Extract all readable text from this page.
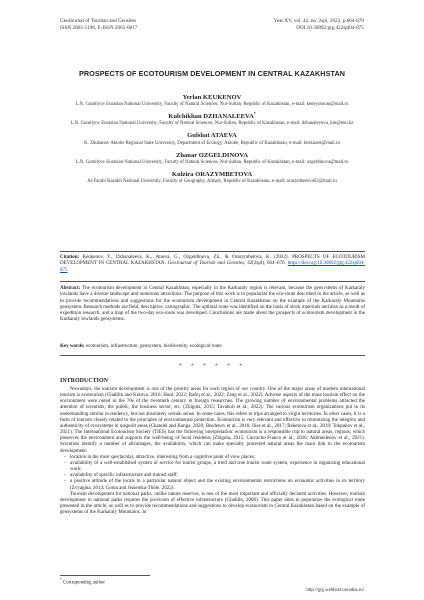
GeoJournal of Tourism and Geosites
ISSN 2065-1198, E-ISSN 2065-0817
Year XV, vol. 42, no. 2spl, 2022, p.664-670
DOI 10.30892/gtg.422spl04-875
PROSPECTS OF ECOTOURISM DEVELOPMENT IN CENTRAL KAZAKHSTAN
Yerlan KEUKENOV
L.N. Gumilyov Eurasian National University, Faculty of Natural Sciences, Nur-Sultan, Republic of Kazakhstan, e-mail: keneyomoni@mail.ru
Kulchikhan DZHANALEEVA*
L.N. Gumilyov Eurasian National University, Faculty of Natural Sciences, Nur-Sultan, Republic of Kazakhstan, e-mail: dzhanaleyeva_km@enu.kz
Gulshat ATAEVA
K. Zhubanov Aktobe Regional State University, Department of Ecology, Aktobe, Republic of Kazakhstan, e-mail: beskuzek@mail.ru
Zhanar OZGELDINOVA
L.N. Gumilyov Eurasian National University, Faculty of Natural Sciences, Nur-Sultan, Republic of Kazakhstan, e-mail: ozgeldinova@mail.ru
Kulzira ORAZYMBETOVA
Al-Farabi Kazakh National University, Faculty of Geography, Almaty, Republic of Kazakhstan, e-mail: orazymbetova62@mail.ru
Citation: Keukenov, Y., Dzhanaleeva, K., Ataeva, G., Ozgeldinova, Zh., & Orazymbetova, K. (2022). PROSPECTS OF ECOTOURISM DEVELOPMENT IN CENTRAL KAZAKHSTAN. GeoJournal of Tourism and Geosites, 42(2spl), 664–670. https://doi.org/10.30892/gtg.422spl04-875
Abstract: The ecotourism development in Central Kazakhstan, especially in the Karkaraly region is relevant, because the geosystems of Karkaraly lowlands have a diverse landscape and numerous attractions. The purpose of this work is to popularize the eco-route described in the article, as well as to provide recommendations and suggestions for the ecotourism development in Central Kazakhstan on the example of the Karkaraly Mountains geosystem. Research methods are field, descriptive, cartographic. The optimal route was identified on the basis of stock materials and also as a result of expedition research, and a map of the two-day eco-route was developed. Conclusions are made about the prospects of ecotourism development in the Karkaraly lowlands geosystems.
Key words: ecotourism, infrastructure, geosystem, biodiversity, ecological route
* * * * * *
INTRODUCTION

Nowadays, the tourism development is one of the priority areas for each region of our country. One of the major areas of modern international tourism is ecotourism (Gladilin and Kotova, 2016; Hunt, 2022; Rafiq et al., 2022; Zeng et al., 2022). Adverse aspects of the mass tourism effect on the environment were noted in the 70s of the twentieth century in foreign researches. The growing number of environmental problems attracted the attention of scientists, the public, the business sector, etc. (Zhigula, 2015; Tavakoli et al., 2022). The various ecotourism organizations put in its understanding similar in tendency, but not absolutely certain sense. In some cases, this refers to trips arranged to virgin territories. In other cases, it is a form of tourism closely related to the principles of environmental protection. Ecotourism is very relevant and effective in minimizing the integrity and authenticity of ecosystems in unspoilt areas (Chandel and Kanga, 2020; Besdenov et al., 2016; Ilies et al., 2017; Beketova et al., 2019; Tokpanov et al., 2021). The International Ecotourism Society (TIES) has the following interpretation: ecotourism is a responsible trip to natural areas, regions, which preserves the environment and supports the well-being of local residents (Zhigula, 2015; Carvacho-Franco et al., 2020; Akhmedenov et al., 2021). Scientists identify a number of advantages, the availability, which can make specially protected natural areas the main link in the ecotourism development:

- location in the most spectacular, attractive, interesting from a cognitive point of view places;
- availability of a well-established system of service for tourist groups, a tried and true tourist route system, experience in organizing educational work;
- availability of specific infrastructure and trained staff;
- a positive attitude of the locals to a particular natural object and the existing environmental restrictions on economic activities in its territory (Zvyagina, 2014; Gonia and Jezierska-Thöle, 2022).

Tourism development for national parks, unlike nature reserves, is one of the most important and officially declared activities. However, tourism development in national parks requires the provision of effective infrastructure (Gladilin, 2006). This paper aims to popularize the ecological route presented in the article, as well as to provide recommendations and suggestions to develop ecotourism in Central Kazakhstan based on the example of geosystems of the Karkaraly Mountains. In

* Corresponding author
http://gtg.webhost.uoradea.ro/
